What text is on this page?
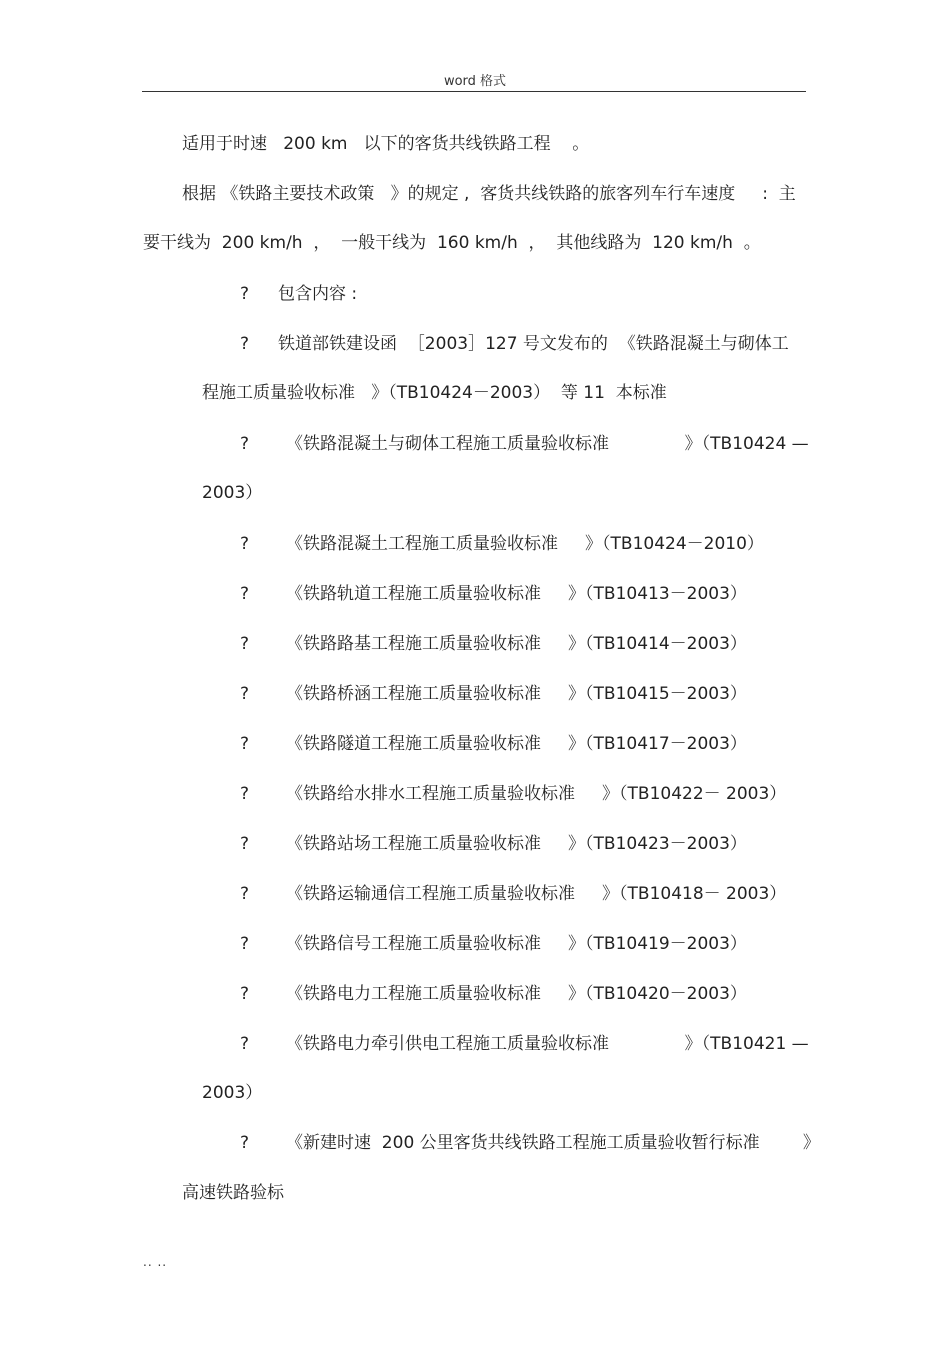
word 格式
适用于时速   200 km   以下的客货共线铁路工程    。
根据 《铁路主要技术政策   》的规定 ,  客货共线铁路的旅客列车行车速度     :  主
要干线为  200 km/h  ，  一般干线为  160 km/h  ，  其他线路为  120 km/h  。
? 包含内容 :
? 铁道部铁建设函  ［2003］127 号文发布的  《铁路混凝土与砌体工
程施工质量验收标准   》（TB10424－2003）  等 11  本标准
? 《铁路混凝土与砌体工程施工质量验收标准              》（TB10424 —
2003）
? 《铁路混凝土工程施工质量验收标准     》（TB10424－2010）
? 《铁路轨道工程施工质量验收标准     》（TB10413－2003）
? 《铁路路基工程施工质量验收标准     》（TB10414－2003）
? 《铁路桥涵工程施工质量验收标准     》（TB10415－2003）
? 《铁路隧道工程施工质量验收标准     》（TB10417－2003）
? 《铁路给水排水工程施工质量验收标准     》（TB10422－ 2003）
? 《铁路站场工程施工质量验收标准     》（TB10423－2003）
? 《铁路运输通信工程施工质量验收标准     》（TB10418－ 2003）
? 《铁路信号工程施工质量验收标准     》（TB10419－2003）
? 《铁路电力工程施工质量验收标准     》（TB10420－2003）
? 《铁路电力牵引供电工程施工质量验收标准              》（TB10421 —
2003）
? 《新建时速  200 公里客货共线铁路工程施工质量验收暂行标准        》
高速铁路验标
.. ..
